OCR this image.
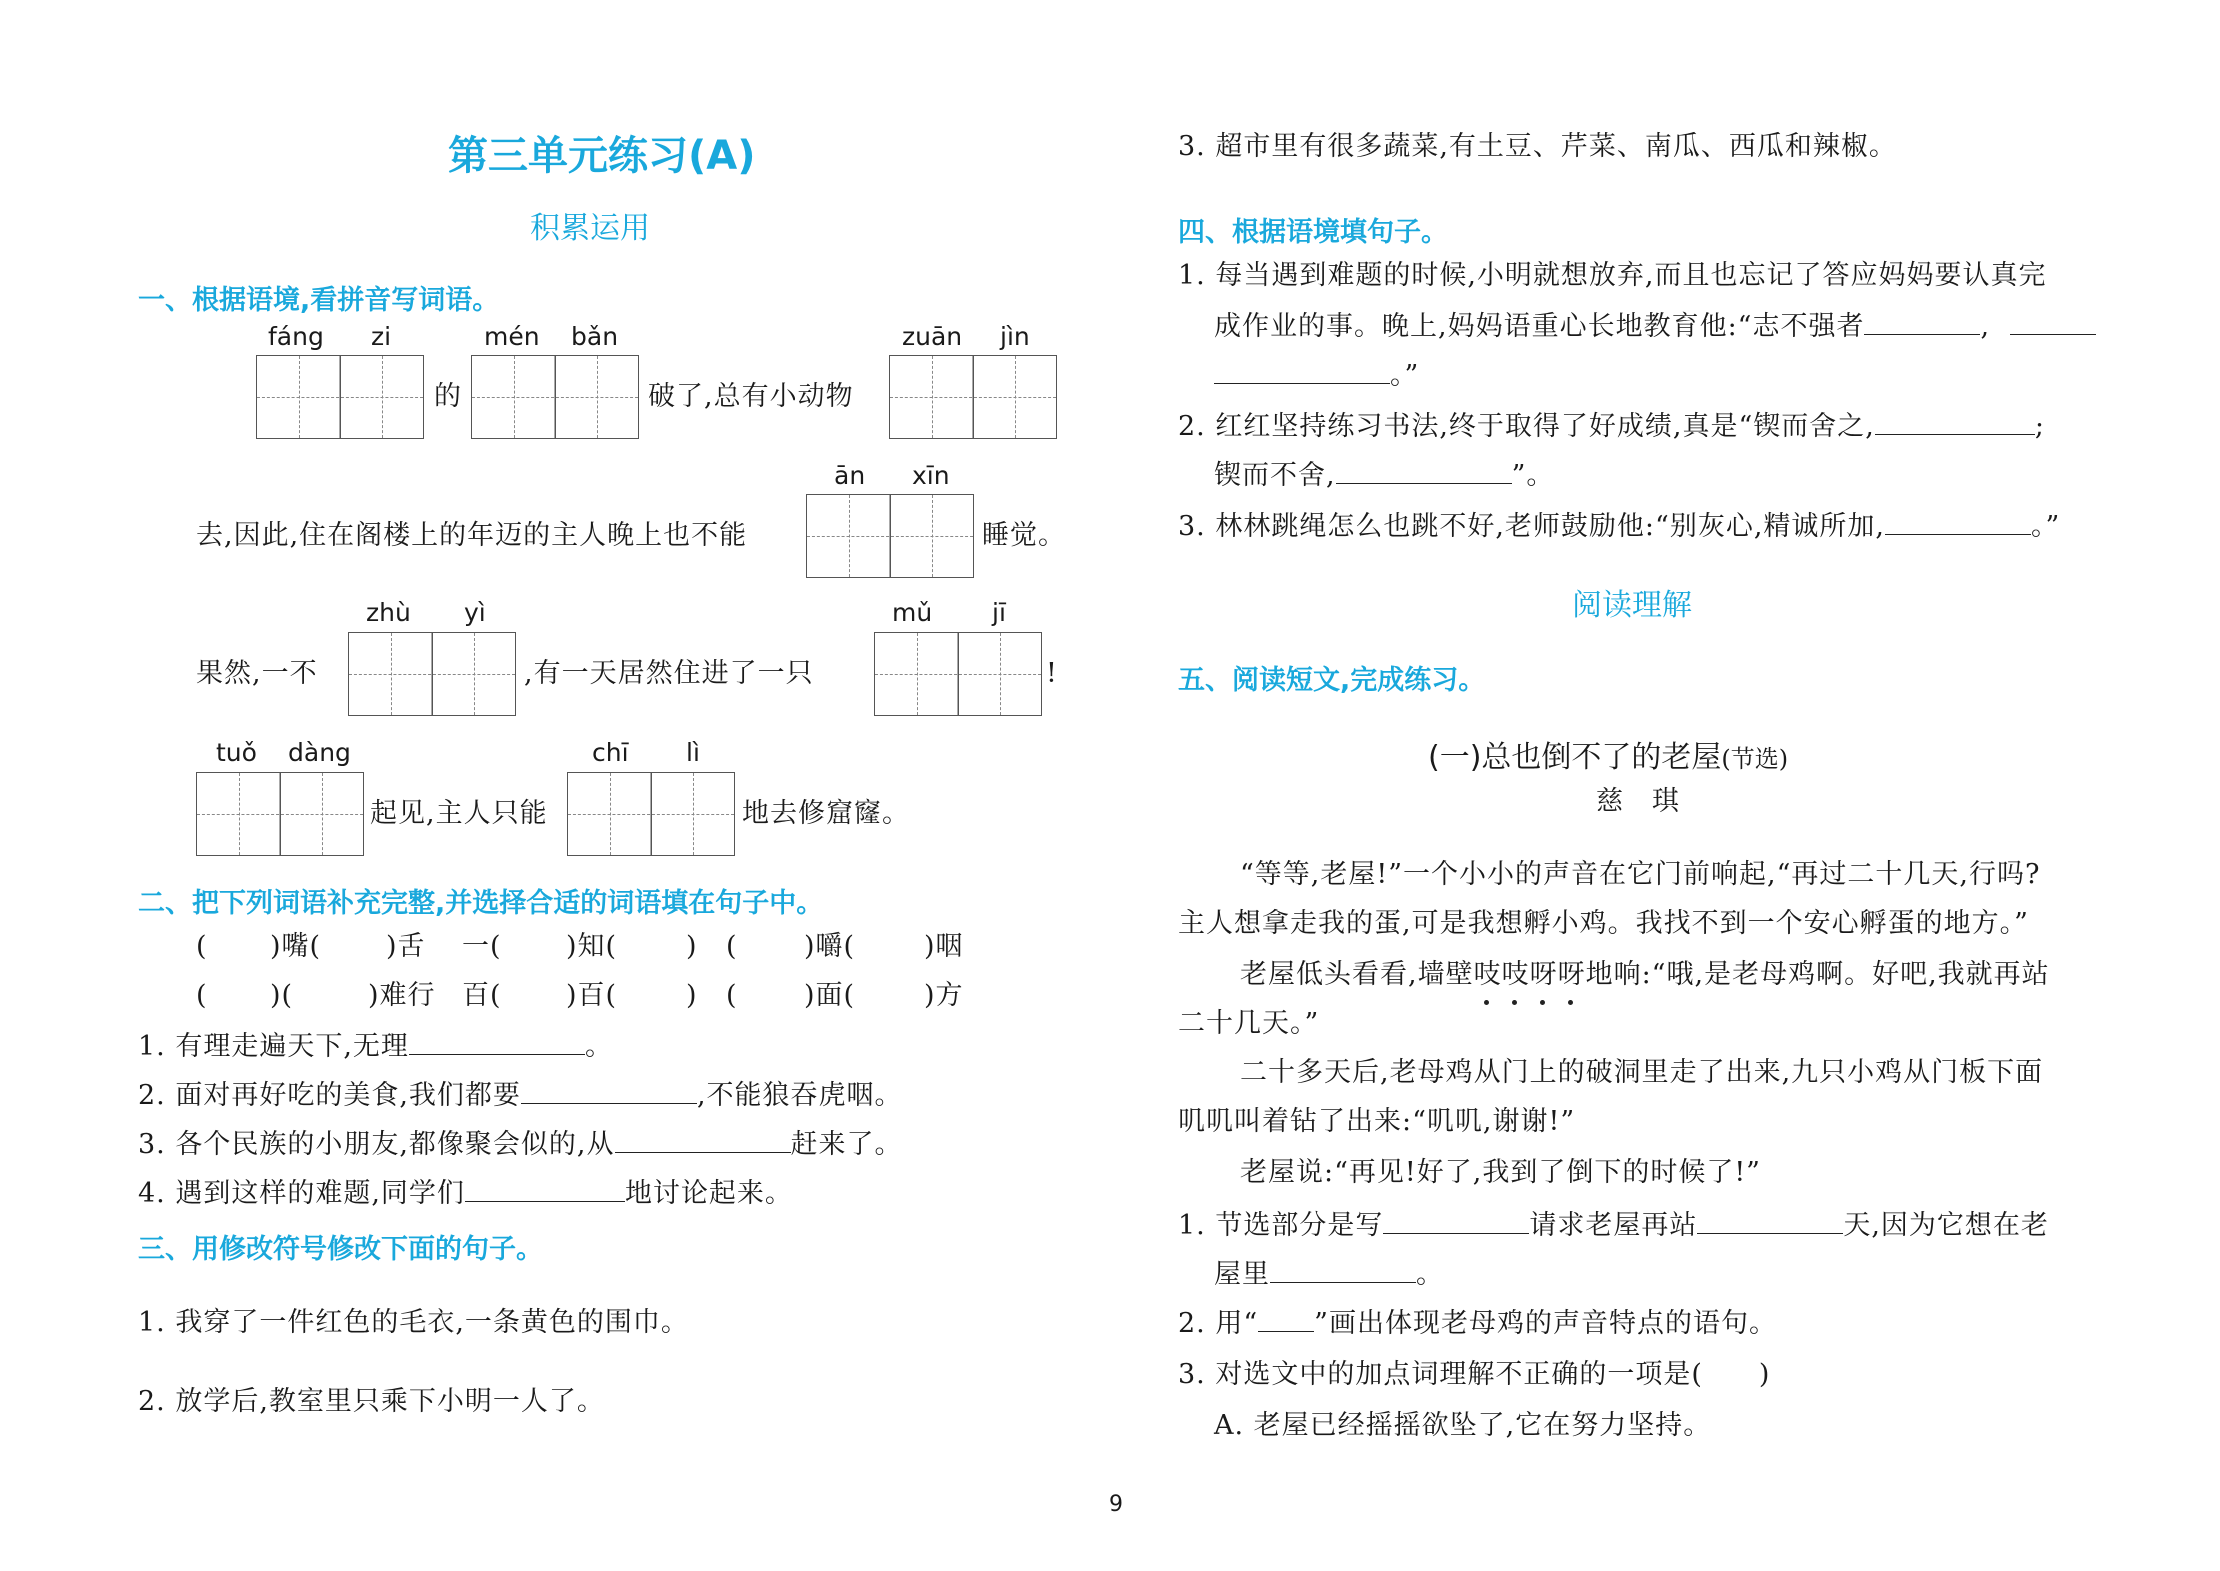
第三单元练习(A)
积累运用
一、根据语境,看拼音写词语。
fáng zi
的
mén bǎn
破了,总有小动物
zuān jìn
ān xīn
去,因此,住在阁楼上的年迈的主人晚上也不能	睡觉。
zhù yì
果然,一不	,有一天居然住进了一只
mǔ jī
!
tuǒ dàng
起见,主人只能
chī lì
地去修窟窿。
二、把下列词语补充完整,并选择合适的词语填在句子中。
( )嘴( )舌 一( )知(	) ( )嚼(	)咽
( )(	)难行 百( )百(	) ( )面(	)方
1. 有理走遍天下,无理	。
2. 面对再好吃的美食,我们都要	,不能狼吞虎咽。
3. 各个民族的小朋友,都像聚会似的,从	赶来了。
4. 遇到这样的难题,同学们	地讨论起来。
三、用修改符号修改下面的句子。
1. 我穿了一件红色的毛衣,一条黄色的围巾。
2. 放学后,教室里只乘下小明一人了。
3. 超市里有很多蔬菜,有土豆、芹菜、南瓜、西瓜和辣椒。
四、根据语境填句子。
1. 每当遇到难题的时候,小明就想放弃,而且也忘记了答应妈妈要认真完
成作业的事。晚上,妈妈语重心长地教育他:“志不强者	,
。”
2. 红红坚持练习书法,终于取得了好成绩,真是“锲而舍之,	;
锲而不舍,	”。
3. 林林跳绳怎么也跳不好,老师鼓励他:“别灰心,精诚所加,	。”
阅读理解
五、阅读短文,完成练习。
(一)总也倒不了的老屋(节选)
慈　琪
“等等,老屋!”一个小小的声音在它门前响起,“再过二十几天,行吗?
主人想拿走我的蛋,可是我想孵小鸡。我找不到一个安心孵蛋的地方。”
老屋低头看看,墙壁吱吱呀呀地响:“哦,是老母鸡啊。好吧,我就再站
二十几天。”
二十多天后,老母鸡从门上的破洞里走了出来,九只小鸡从门板下面
叽叽叫着钻了出来:“叽叽,谢谢!”
老屋说:“再见!好了,我到了倒下的时候了!”
1. 节选部分是写	请求老屋再站	天,因为它想在老
屋里	。
2. 用“ ”画出体现老母鸡的声音特点的语句。
3. 对选文中的加点词理解不正确的一项是(　　)
A. 老屋已经摇摇欲坠了,它在努力坚持。
9
